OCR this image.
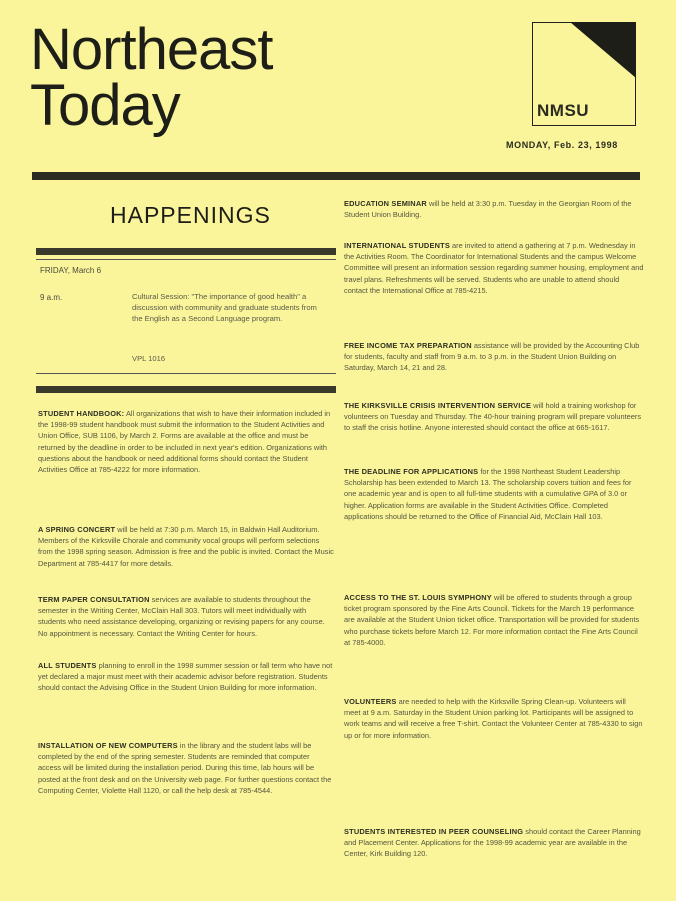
Northeast
Today	NMSU
MONDAY, Feb. 23, 1998
HAPPENINGS
FRIDAY, March 6
9 a.m.	Cultural Session: "The importance of good health" a discussion with community and graduate students from the English as a Second Language program.
VPL 1016
STUDENT HANDBOOK: All organizations that wish to have their information included in the 1998-99 student handbook must submit the information to the Student Activities and Union Office, SUB 1106, by March 2. Forms are available at the office and must be returned by the deadline in order to be included in next year's edition. Organizations with questions about the handbook or need additional forms should contact the Student Activities Office at 785-4222 for more information.
A SPRING CONCERT will be held at 7:30 p.m. March 15, in Baldwin Hall Auditorium. Members of the Kirksville Chorale and community vocal groups will perform selections from the 1998 spring season. Admission is free and the public is invited. Contact the Music Department at 785-4417 for more details.
TERM PAPER CONSULTATION services are available to students throughout the semester in the Writing Center, McClain Hall 303. Tutors will meet individually with students who need assistance developing, organizing or revising papers for any course. No appointment is necessary. Contact the Writing Center for hours.
ALL STUDENTS planning to enroll in the 1998 summer session or fall term who have not yet declared a major must meet with their academic advisor before registration. Students should contact the Advising Office in the Student Union Building for more information.
INSTALLATION OF NEW COMPUTERS in the library and the student labs will be completed by the end of the spring semester. Students are reminded that computer access will be limited during the installation period. During this time, lab hours will be posted at the front desk and on the University web page. For further questions contact the Computing Center, Violette Hall 1120, or call the help desk at 785-4544.
EDUCATION SEMINAR will be held at 3:30 p.m. Tuesday in the Georgian Room of the Student Union Building.
INTERNATIONAL STUDENTS are invited to attend a gathering at 7 p.m. Wednesday in the Activities Room. The Coordinator for International Students and the campus Welcome Committee will present an information session regarding summer housing, employment and travel plans. Refreshments will be served. Students who are unable to attend should contact the International Office at 785-4215.
FREE INCOME TAX PREPARATION assistance will be provided by the Accounting Club for students, faculty and staff from 9 a.m. to 3 p.m. in the Student Union Building on Saturday, March 14, 21 and 28.
THE KIRKSVILLE CRISIS INTERVENTION SERVICE will hold a training workshop for volunteers on Tuesday and Thursday. The 40-hour training program will prepare volunteers to staff the crisis hotline. Anyone interested should contact the office at 665-1617.
THE DEADLINE FOR APPLICATIONS for the 1998 Northeast Student Leadership Scholarship has been extended to March 13. The scholarship covers tuition and fees for one academic year and is open to all full-time students with a cumulative GPA of 3.0 or higher. Application forms are available in the Student Activities Office. Completed applications should be returned to the Office of Financial Aid, McClain Hall 103.
ACCESS TO THE ST. LOUIS SYMPHONY will be offered to students through a group ticket program sponsored by the Fine Arts Council. Tickets for the March 19 performance are available at the Student Union ticket office. Transportation will be provided for students who purchase tickets before March 12. For more information contact the Fine Arts Council at 785-4000.
VOLUNTEERS are needed to help with the Kirksville Spring Clean-up. Volunteers will meet at 9 a.m. Saturday in the Student Union parking lot. Participants will be assigned to work teams and will receive a free T-shirt. Contact the Volunteer Center at 785-4330 to sign up or for more information.
STUDENTS INTERESTED IN PEER COUNSELING should contact the Career Planning and Placement Center. Applications for the 1998-99 academic year are available in the Center, Kirk Building 120.
